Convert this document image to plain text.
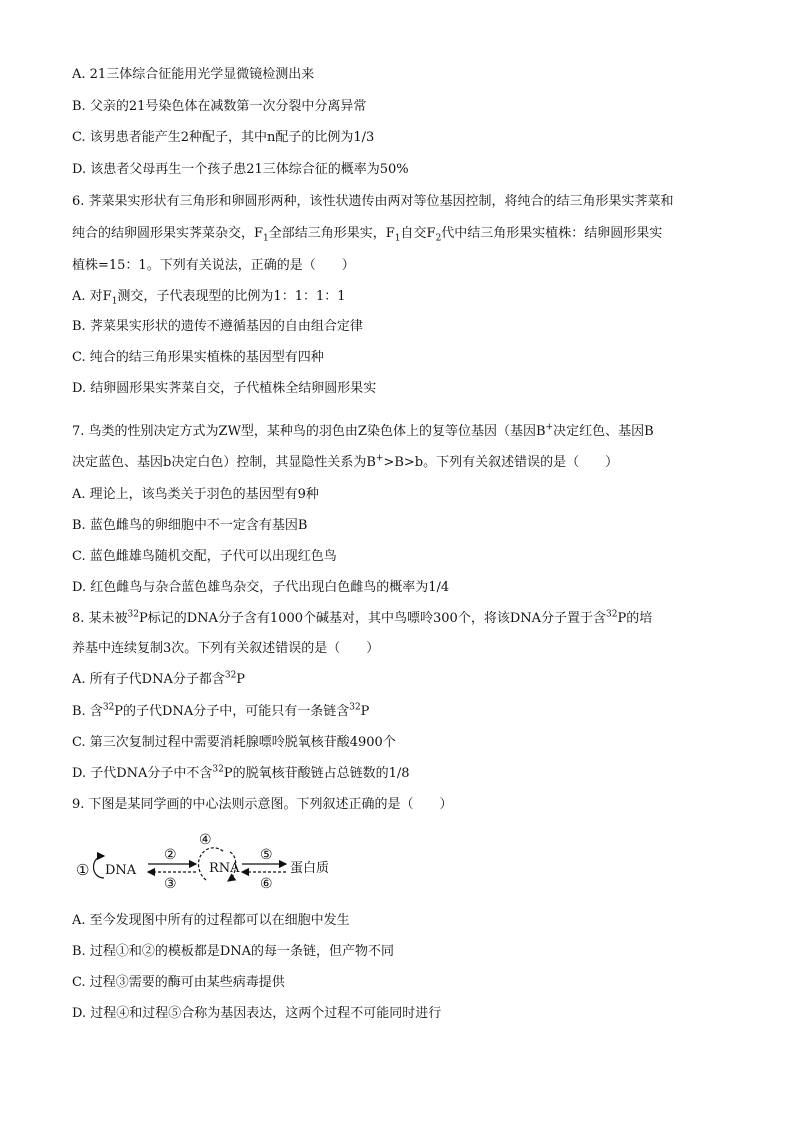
A. 21三体综合征能用光学显微镜检测出来
B. 父亲的21号染色体在减数第一次分裂中分离异常
C. 该男患者能产生2种配子，其中n配子的比例为1/3
D. 该患者父母再生一个孩子患21三体综合征的概率为50%
6. 荠菜果实形状有三角形和卵圆形两种，该性状遗传由两对等位基因控制，将纯合的结三角形果实荠菜和
纯合的结卵圆形果实荠菜杂交，$F_1$全部结三角形果实，$F_1$自交$F_2$代中结三角形果实植株：结卵圆形果实
植株=15：1。下列有关说法，正确的是（　　）
A. 对$F_1$测交，子代表现型的比例为1：1：1：1
B. 荠菜果实形状的遗传不遵循基因的自由组合定律
C. 纯合的结三角形果实植株的基因型有四种
D. 结卵圆形果实荠菜自交，子代植株全结卵圆形果实
7. 鸟类的性别决定方式为ZW型，某种鸟的羽色由Z染色体上的复等位基因（基因B+决定红色、基因B
决定蓝色、基因b决定白色）控制，其显隐性关系为B+>B>b。下列有关叙述错误的是（　　）
A. 理论上，该鸟类关于羽色的基因型有9种
B. 蓝色雌鸟的卵细胞中不一定含有基因B
C. 蓝色雌雄鸟随机交配，子代可以出现红色鸟
D. 红色雌鸟与杂合蓝色雄鸟杂交，子代出现白色雌鸟的概率为1/4
8. 某未被$^{32}$P标记的DNA分子含有1000个碱基对，其中鸟嘌呤300个，将该DNA分子置于含$^{32}$P的培
养基中连续复制3次。下列有关叙述错误的是（　　）
A. 所有子代DNA分子都含$^{32}$P
B. 含$^{32}$P的子代DNA分子中，可能只有一条链含$^{32}$P
C. 第三次复制过程中需要消耗腺嘌呤脱氧核苷酸4900个
D. 子代DNA分子中不含$^{32}$P的脱氧核苷酸链占总链数的1/8
9. 下图是某同学画的中心法则示意图。下列叙述正确的是（　　）
① DNA
②
③
④
RNA
⑤
⑥
蛋白质
A. 至今发现图中所有的过程都可以在细胞中发生
B. 过程①和②的模板都是DNA的每一条链，但产物不同
C. 过程③需要的酶可由某些病毒提供
D. 过程④和过程⑤合称为基因表达，这两个过程不可能同时进行
